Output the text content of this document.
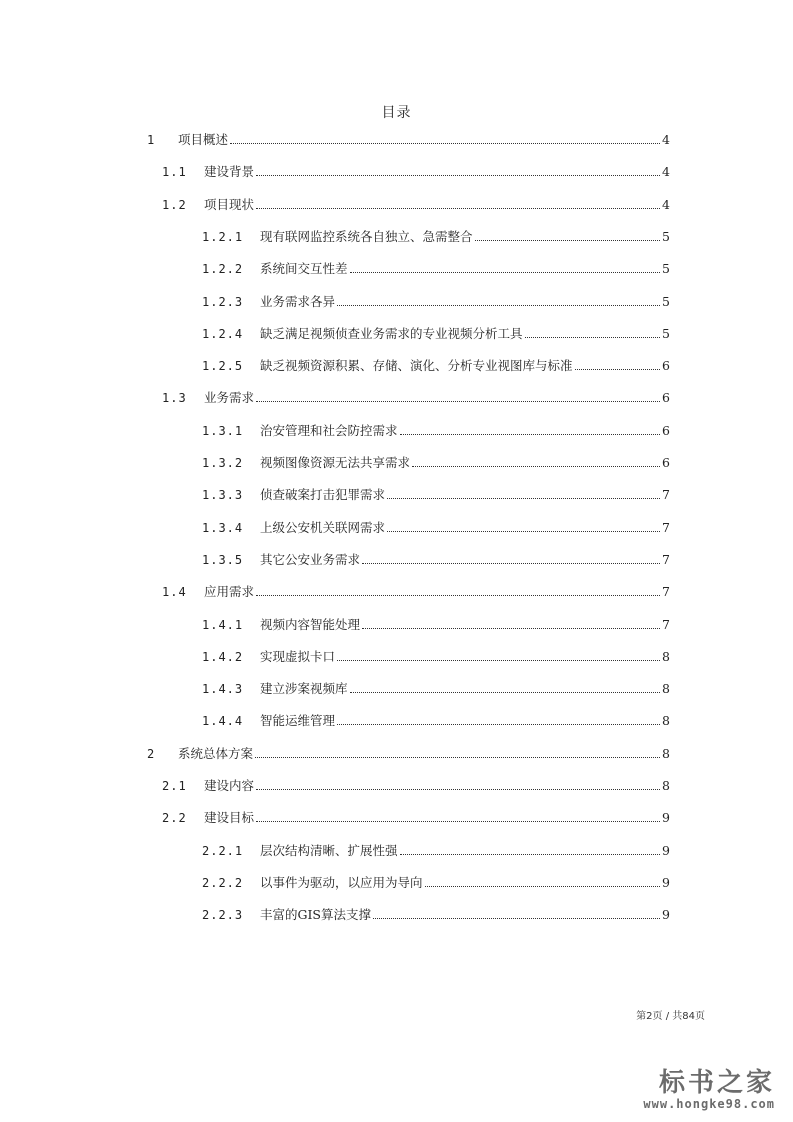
目录
1	项目概述	4
1.1	建设背景	4
1.2	项目现状	4
1.2.1	现有联网监控系统各自独立、急需整合	5
1.2.2	系统间交互性差	5
1.2.3	业务需求各异	5
1.2.4	缺乏满足视频侦查业务需求的专业视频分析工具	5
1.2.5	缺乏视频资源积累、存储、演化、分析专业视图库与标准	6
1.3	业务需求	6
1.3.1	治安管理和社会防控需求	6
1.3.2	视频图像资源无法共享需求	6
1.3.3	侦查破案打击犯罪需求	7
1.3.4	上级公安机关联网需求	7
1.3.5	其它公安业务需求	7
1.4	应用需求	7
1.4.1	视频内容智能处理	7
1.4.2	实现虚拟卡口	8
1.4.3	建立涉案视频库	8
1.4.4	智能运维管理	8
2	系统总体方案	8
2.1	建设内容	8
2.2	建设目标	9
2.2.1	层次结构清晰、扩展性强	9
2.2.2	以事件为驱动，以应用为导向	9
2.2.3	丰富的GIS算法支撑	9
第2页 / 共84页
标书之家
www.hongke98.com
